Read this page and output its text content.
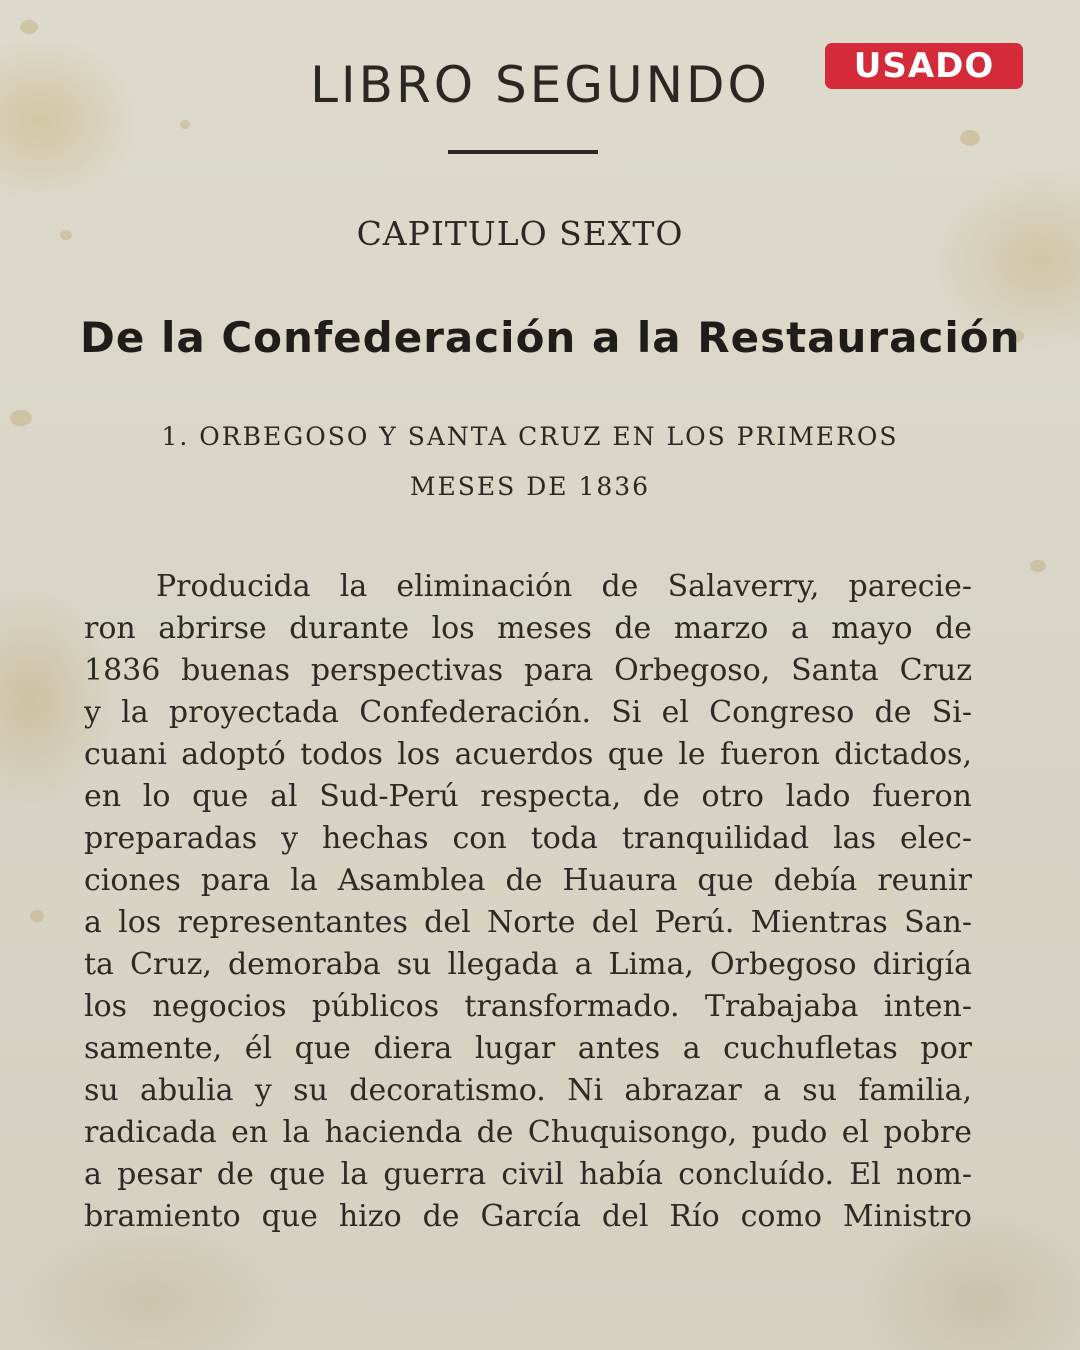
USADO
LIBRO SEGUNDO
CAPITULO SEXTO
De la Confederación a la Restauración
1. ORBEGOSO Y SANTA CRUZ EN LOS PRIMEROS
MESES DE 1836
Producida la eliminación de Salaverry, parecie-
ron abrirse durante los meses de marzo a mayo de
1836 buenas perspectivas para Orbegoso, Santa Cruz
y la proyectada Confederación. Si el Congreso de Si-
cuani adoptó todos los acuerdos que le fueron dictados,
en lo que al Sud-Perú respecta, de otro lado fueron
preparadas y hechas con toda tranquilidad las elec-
ciones para la Asamblea de Huaura que debía reunir
a los representantes del Norte del Perú. Mientras San-
ta Cruz, demoraba su llegada a Lima, Orbegoso dirigía
los negocios públicos transformado. Trabajaba inten-
samente, él que diera lugar antes a cuchufletas por
su abulia y su decoratismo. Ni abrazar a su familia,
radicada en la hacienda de Chuquisongo, pudo el pobre
a pesar de que la guerra civil había concluído. El nom-
bramiento que hizo de García del Río como Ministro
